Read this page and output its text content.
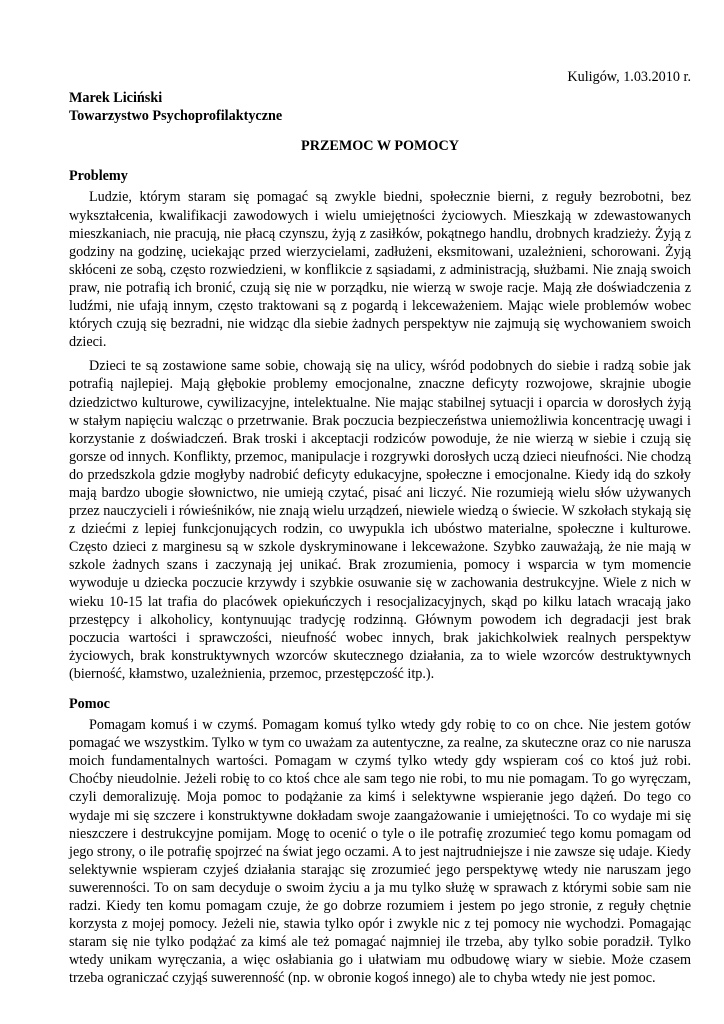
Kuligów, 1.03.2010 r.
Marek Liciński
Towarzystwo Psychoprofilaktyczne
PRZEMOC W POMOCY
Problemy

Ludzie, którym staram się pomagać są zwykle biedni, społecznie bierni, z reguły bezrobotni, bez wykształcenia, kwalifikacji zawodowych i wielu umiejętności życiowych. Mieszkają w zdewastowanych mieszkaniach, nie pracują, nie płacą czynszu, żyją z zasiłków, pokątnego handlu, drobnych kradzieży. Żyją z godziny na godzinę, uciekając przed wierzycielami, zadłużeni, eksmitowani, uzależnieni, schorowani. Żyją skłóceni ze sobą, często rozwiedzieni, w konflikcie z sąsiadami, z administracją, służbami. Nie znają swoich praw, nie potrafią ich bronić, czują się nie w porządku, nie wierzą w swoje racje. Mają złe doświadczenia z ludźmi, nie ufają innym, często traktowani są z pogardą i lekceważeniem. Mając wiele problemów wobec których czują się bezradni, nie widząc dla siebie żadnych perspektyw nie zajmują się wychowaniem swoich dzieci.

Dzieci te są zostawione same sobie, chowają się na ulicy, wśród podobnych do siebie i radzą sobie jak potrafią najlepiej. Mają głębokie problemy emocjonalne, znaczne deficyty rozwojowe, skrajnie ubogie dziedzictwo kulturowe, cywilizacyjne, intelektualne. Nie mając stabilnej sytuacji i oparcia w dorosłych żyją w stałym napięciu walcząc o przetrwanie. Brak poczucia bezpieczeństwa uniemożliwia koncentrację uwagi i korzystanie z doświadczeń. Brak troski i akceptacji rodziców powoduje, że nie wierzą w siebie i czują się gorsze od innych. Konflikty, przemoc, manipulacje i rozgrywki dorosłych uczą dzieci nieufności. Nie chodzą do przedszkola gdzie mogłyby nadrobić deficyty edukacyjne, społeczne i emocjonalne. Kiedy idą do szkoły mają bardzo ubogie słownictwo, nie umieją czytać, pisać ani liczyć. Nie rozumieją wielu słów używanych przez nauczycieli i rówieśników, nie znają wielu urządzeń, niewiele wiedzą o świecie. W szkołach stykają się z dziećmi z lepiej funkcjonujących rodzin, co uwypukla ich ubóstwo materialne, społeczne i kulturowe. Często dzieci z marginesu są w szkole dyskryminowane i lekceważone. Szybko zauważają, że nie mają w szkole żadnych szans i zaczynają jej unikać. Brak zrozumienia, pomocy i wsparcia w tym momencie wywoduje u dziecka poczucie krzywdy i szybkie osuwanie się w zachowania destrukcyjne. Wiele z nich w wieku 10-15 lat trafia do placówek opiekuńczych i resocjalizacyjnych, skąd po kilku latach wracają jako przestępcy i alkoholicy, kontynuując tradycję rodzinną. Głównym powodem ich degradacji jest brak poczucia wartości i sprawczości, nieufność wobec innych, brak jakichkolwiek realnych perspektyw życiowych, brak konstruktywnych wzorców skutecznego działania, za to wiele wzorców destruktywnych (bierność, kłamstwo, uzależnienia, przemoc, przestępczość itp.).

Pomoc

Pomagam komuś i w czymś. Pomagam komuś tylko wtedy gdy robię to co on chce. Nie jestem gotów pomagać we wszystkim. Tylko w tym co uważam za autentyczne, za realne, za skuteczne oraz co nie narusza moich fundamentalnych wartości. Pomagam w czymś tylko wtedy gdy wspieram coś co ktoś już robi. Choćby nieudolnie. Jeżeli robię to co ktoś chce ale sam tego nie robi, to mu nie pomagam. To go wyręczam, czyli demoralizuję. Moja pomoc to podążanie za kimś i selektywne wspieranie jego dążeń. Do tego co wydaje mi się szczere i konstruktywne dokładam swoje zaangażowanie i umiejętności. To co wydaje mi się nieszczere i destrukcyjne pomijam. Mogę to ocenić o tyle o ile potrafię zrozumieć tego komu pomagam od jego strony, o ile potrafię spojrzeć na świat jego oczami. A to jest najtrudniejsze i nie zawsze się udaje. Kiedy selektywnie wspieram czyjeś działania starając się zrozumieć jego perspektywę wtedy nie naruszam jego suwerenności. To on sam decyduje o swoim życiu a ja mu tylko służę w sprawach z którymi sobie sam nie radzi. Kiedy ten komu pomagam czuje, że go dobrze rozumiem i jestem po jego stronie, z reguły chętnie korzysta z mojej pomocy. Jeżeli nie, stawia tylko opór i zwykle nic z tej pomocy nie wychodzi. Pomagając staram się nie tylko podążać za kimś ale też pomagać najmniej ile trzeba, aby tylko sobie poradził. Tylko wtedy unikam wyręczania, a więc osłabiania go i ułatwiam mu odbudowę wiary w siebie. Może czasem trzeba ograniczać czyjąś suwerenność (np. w obronie kogoś innego) ale to chyba wtedy nie jest pomoc.
